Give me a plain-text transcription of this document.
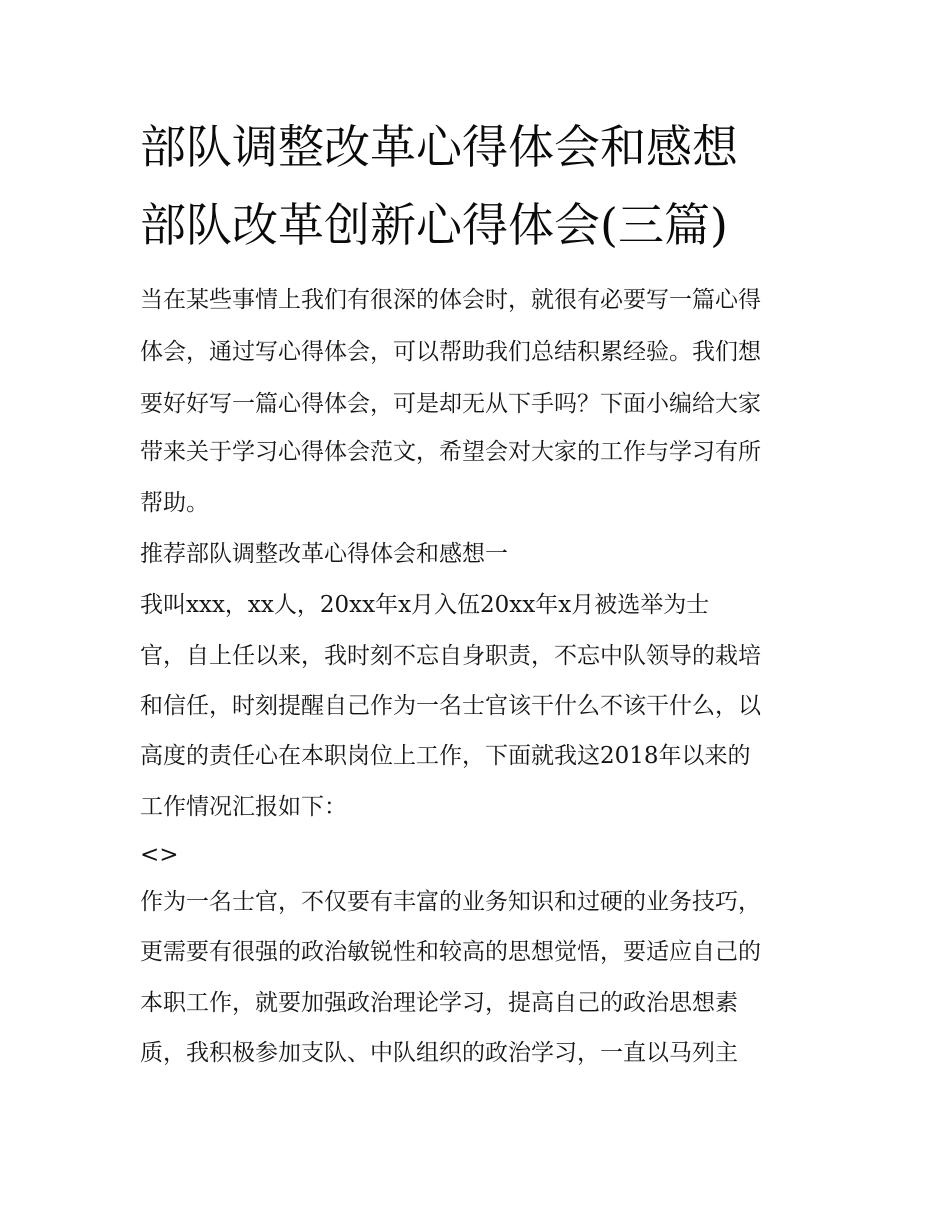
部队调整改革心得体会和感想
部队改革创新心得体会(三篇)
当在某些事情上我们有很深的体会时，就很有必要写一篇心得
体会，通过写心得体会，可以帮助我们总结积累经验。我们想
要好好写一篇心得体会，可是却无从下手吗？下面小编给大家
带来关于学习心得体会范文，希望会对大家的工作与学习有所
帮助。
推荐部队调整改革心得体会和感想一
我叫xxx，xx人，20xx年x月入伍20xx年x月被选举为士
官，自上任以来，我时刻不忘自身职责，不忘中队领导的栽培
和信任，时刻提醒自己作为一名士官该干什么不该干什么，以
高度的责任心在本职岗位上工作，下面就我这2018年以来的
工作情况汇报如下：
<>
作为一名士官，不仅要有丰富的业务知识和过硬的业务技巧，
更需要有很强的政治敏锐性和较高的思想觉悟，要适应自己的
本职工作，就要加强政治理论学习，提高自己的政治思想素
质，我积极参加支队、中队组织的政治学习，一直以马列主
